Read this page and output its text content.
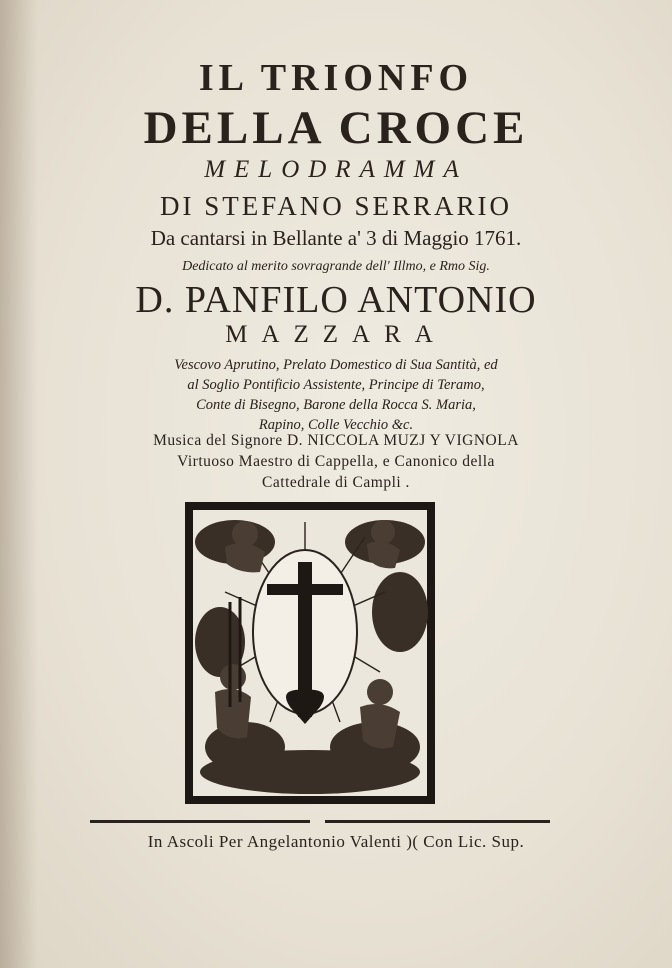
IL TRIONFO
DELLA CROCE
MELODRAMMA
DI STEFANO SERRARIO
Da cantarsi in Bellante a' 3 di Maggio 1761.
Dedicato al merito sovragrande dell' Illmo, e Rmo Sig.
D. PANFILO ANTONIO
MAZZARA
Vescovo Aprutino, Prelato Domestico di Sua Santità, ed
al Soglio Pontificio Assistente, Principe di Teramo,
Conte di Bisegno, Barone della Rocca S. Maria,
Rapino, Colle Vecchio &c.
Musica del Signore D. NICCOLA MUZJ Y VIGNOLA
Virtuoso Maestro di Cappella, e Canonico della
Cattedrale di Campli .
In Ascoli Per Angelantonio Valenti )( Con Lic. Sup.
